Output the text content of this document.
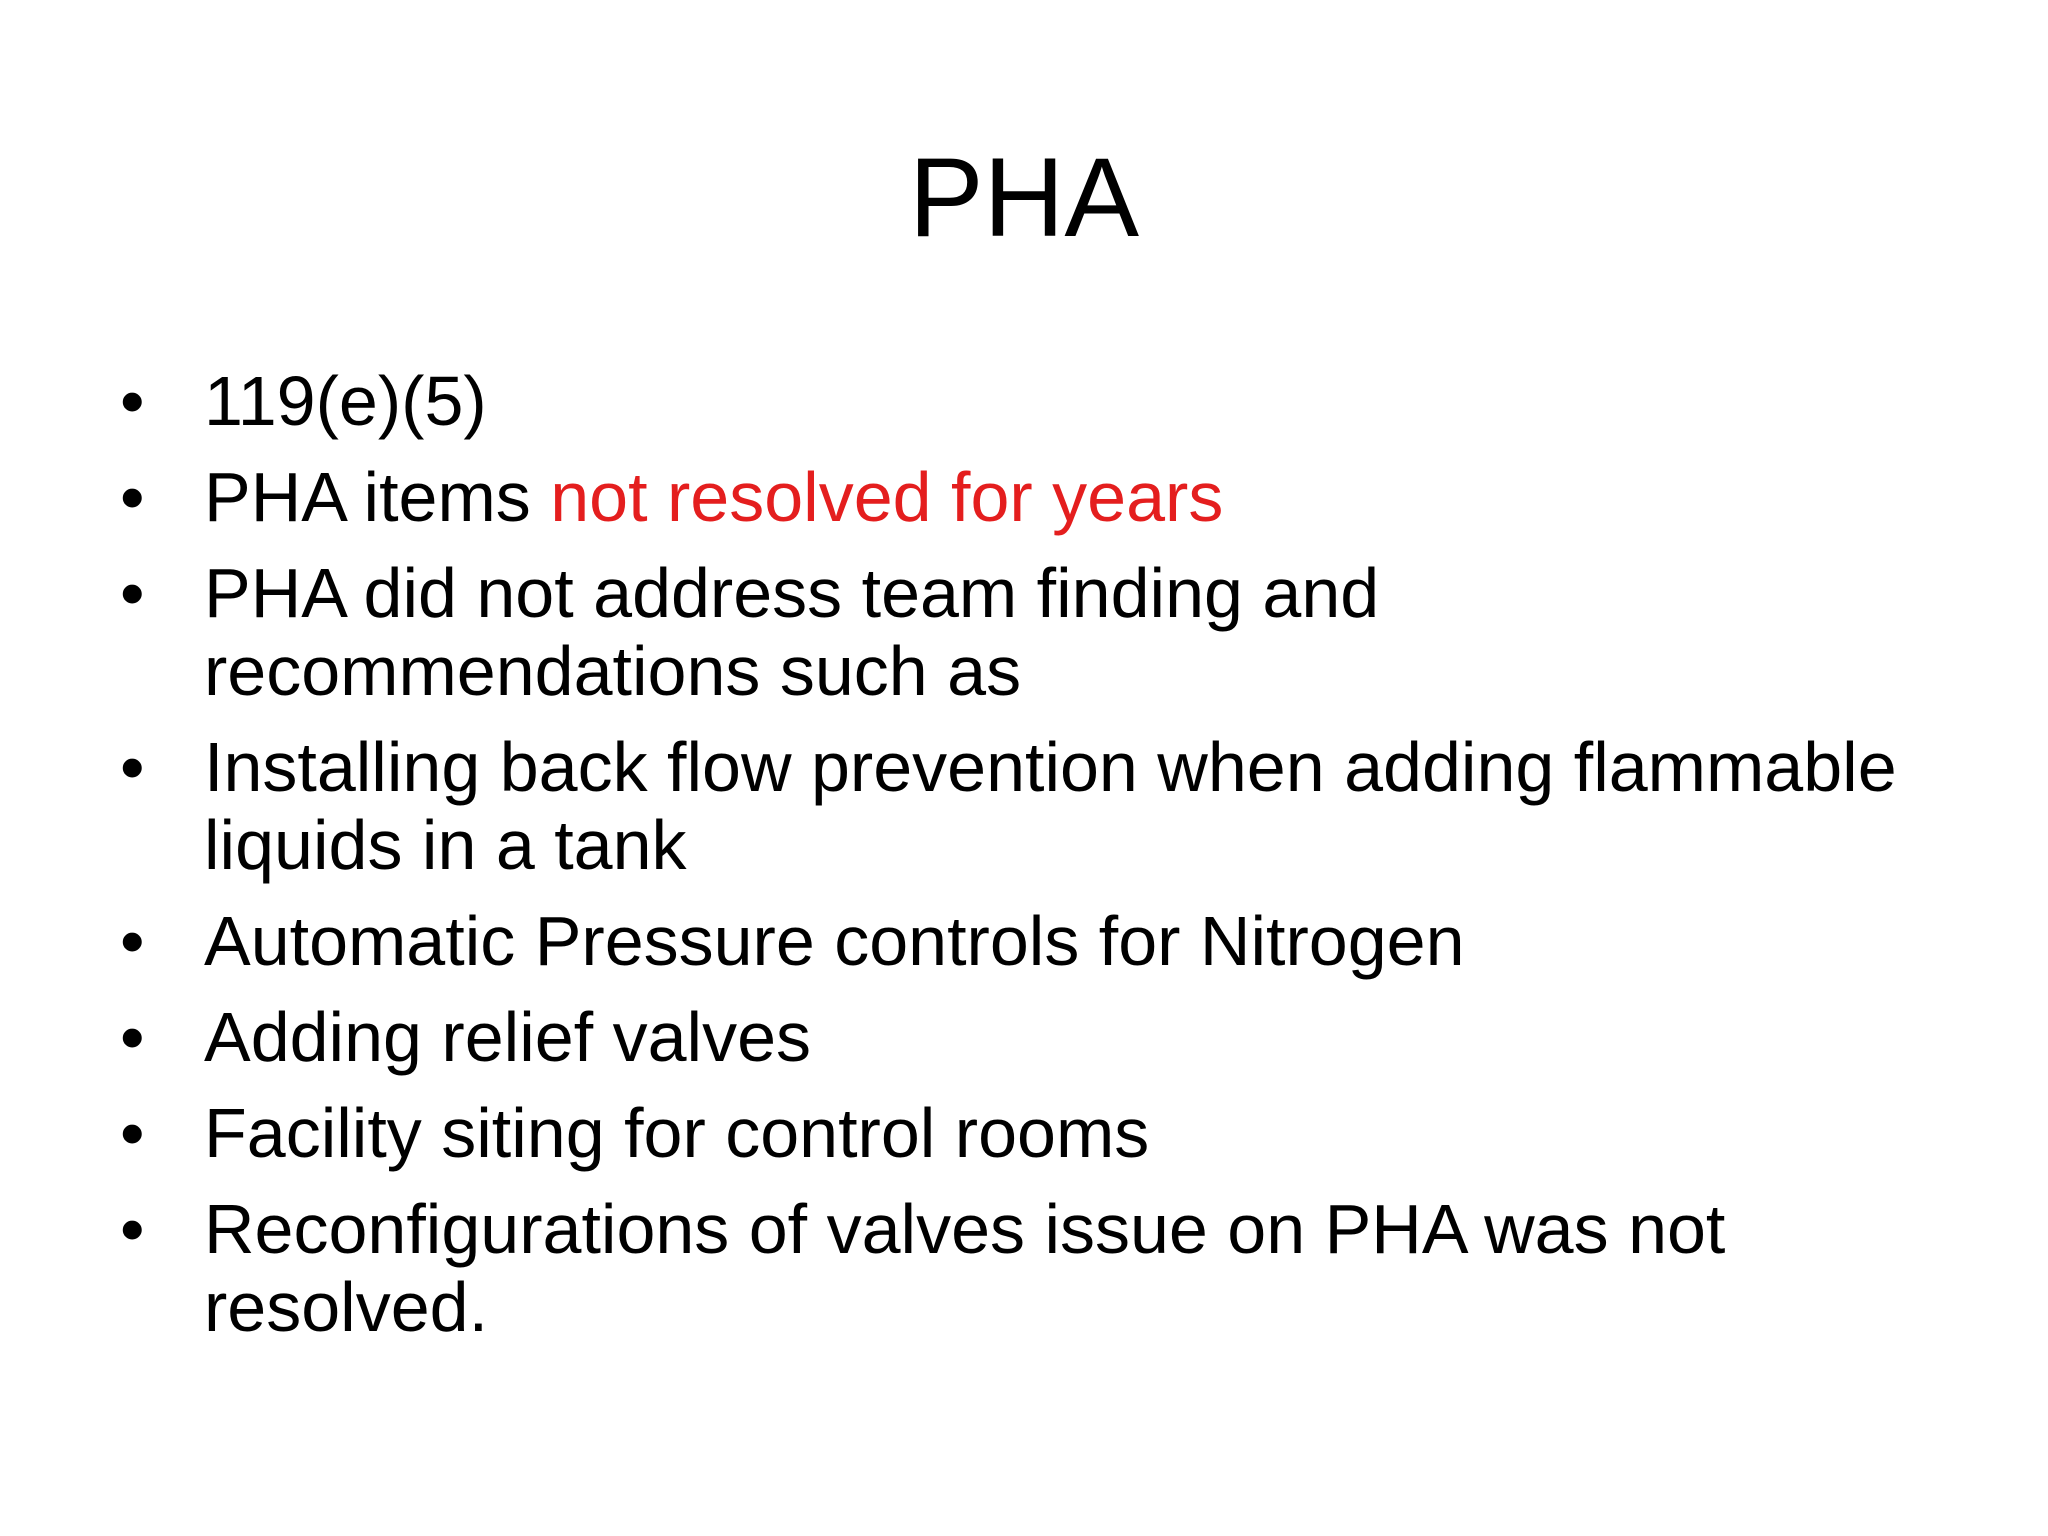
PHA
• 119(e)(5)
• PHA items not resolved for years
• PHA did not address team finding and recommendations such as
• Installing back flow prevention when adding flammable liquids in a tank
• Automatic Pressure controls for Nitrogen
• Adding relief valves
• Facility siting for control rooms
• Reconfigurations of valves issue on PHA was not resolved.
